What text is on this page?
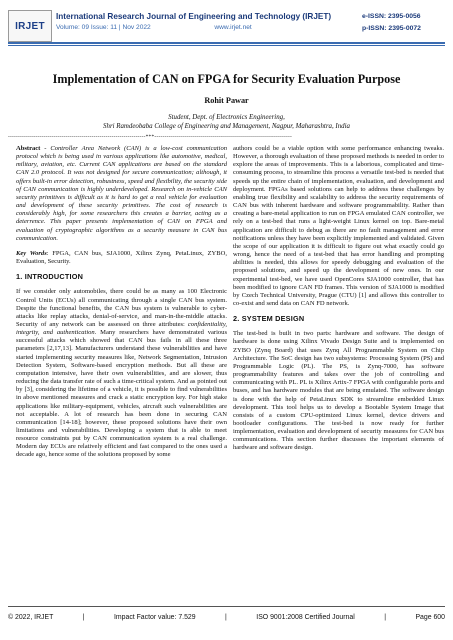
IRJET
International Research Journal of Engineering and Technology (IRJET)
Volume: 09 Issue: 11 | Nov 2022	www.irjet.net
e-ISSN: 2395-0056
p-ISSN: 2395-0072
Implementation of CAN on FPGA for Security Evaluation Purpose
Rohit Pawar
Student, Dept. of Electronics Engineering,
Shri Ramdeobaba College of Engineering and Management, Nagpur, Maharashtra, India
---------------------------------------------------------------------***---------------------------------------------------------------------

Abstract - Controller Area Network (CAN) is a low-cost communication protocol which is being used in various applications like automotive, medical, military, aviation, etc. Current CAN applications are based on the standard CAN 2.0 protocol. It was not designed for secure communication; although, it offers built-in error detection, robustness, speed and flexibility, the security side of CAN communication is highly underdeveloped. Research on in-vehicle CAN security primitives is difficult as it is hard to get a real vehicle for evaluation and development of these security primitives. The cost of research is considerably high, for some researchers this creates a barrier, acting as a deterrence. This paper presents implementation of CAN on FPGA and evaluation of cryptographic algorithms as a security measure in CAN bus communication.

Key Words: FPGA, CAN bus, SJA1000, Xilinx Zynq, PetaLinux, ZYBO, Evaluation, Security.

1. INTRODUCTION

If we consider only automobiles, there could be as many as 100 Electronic Control Units (ECUs) all communicating through a single CAN bus system. Despite the functional benefits, the CAN bus system is vulnerable to cyber-attacks like replay attacks, denial-of-service, and man-in-the-middle attacks. Security of any network can be assessed on three attributes: confidentiality, integrity, and authentication. Many researchers have demonstrated various successful attacks which showed that CAN bus fails in all these three parameters [2,17,13]. Manufacturers understand these vulnerabilities and have started implementing security measures like, Network Segmentation, Intrusion Detection System, Software-based encryption methods. But all these are computation intensive, have their own vulnerabilities, and are slower, thus reducing the data transfer rate of such a time-critical system. And as pointed out by [3], considering the lifetime of a vehicle, it is possible to find vulnerabilities in above mentioned measures and crack a static encryption key. For high stake applications like military-equipment, vehicles, aircraft such vulnerabilities are not acceptable. A lot of research has been done in securing CAN communication [14-18]; however, these proposed solutions have their own limitations and vulnerabilities. Developing a system that is able to meet resource constraints put by CAN communication system is a real challenge. Modern day ECUs are relatively efficient and fast compared to the ones used a decade ago, hence some of the solutions proposed by some

authors could be a viable option with some performance enhancing tweaks. However, a thorough evaluation of these proposed methods is needed in order to explore the areas of improvements. This is a laborious, complicated and time-consuming process, to streamline this process a versatile test-bed is needed that speeds up the entire chain of implementation, evaluation, and development and deployment. FPGAs based solutions can help to address these challenges by enabling true flexibility and scalability to address the security requirements of CAN bus with inherent hardware and software programmability. Rather than creating a bare-metal application to run on FPGA emulated CAN controller, we rely on a test-bed that runs a light-weight Linux kernel on top. Bare-metal application are difficult to debug as there are no fault management and error notifications unless they have been explicitly implemented and validated. Given the scope of our application it is difficult to figure out what exactly could go wrong, hence the need of a test-bed that has error handling and prompting abilities is needed, this allows for speedy debugging and evaluation of the proposed solutions, and speed up the development of new ones. In our experimental test-bed, we have used OpenCores SJA1000 controller, that has been modified to ignore CAN FD frames. This version of SJA1000 is modified by Czech Technical University, Prague (CTU) [1] and allows this controller to co-exist and send data on CAN FD network.

2. SYSTEM DESIGN

The test-bed is built in two parts: hardware and software. The design of hardware is done using Xilinx Vivado Design Suite and is implemented on ZYBO (Zynq Board) that uses Zynq All Programmable System on Chip Architecture. The SoC design has two subsystems: Processing System (PS) and Programmable Logic (PL). The PS, is Zynq-7000, has software programmability features and takes over the job of controlling and communicating with PL. PL is Xilinx Artix-7 FPGA with configurable ports and buses, and has hardware modules that are being emulated. The software design is done with the help of PetaLinux SDK to streamline embedded Linux development. This tool helps us to develop a Bootable System Image that consists of a custom CPU-optimized Linux kernel, device drivers and bootloader configurations. The test-bed is now ready for further implementation, evaluation and development of security measures for CAN bus communications. This section further discusses the important elements of hardware and software design.

© 2022, IRJET	|	Impact Factor value: 7.529	|	ISO 9001:2008 Certified Journal	|	Page 600
